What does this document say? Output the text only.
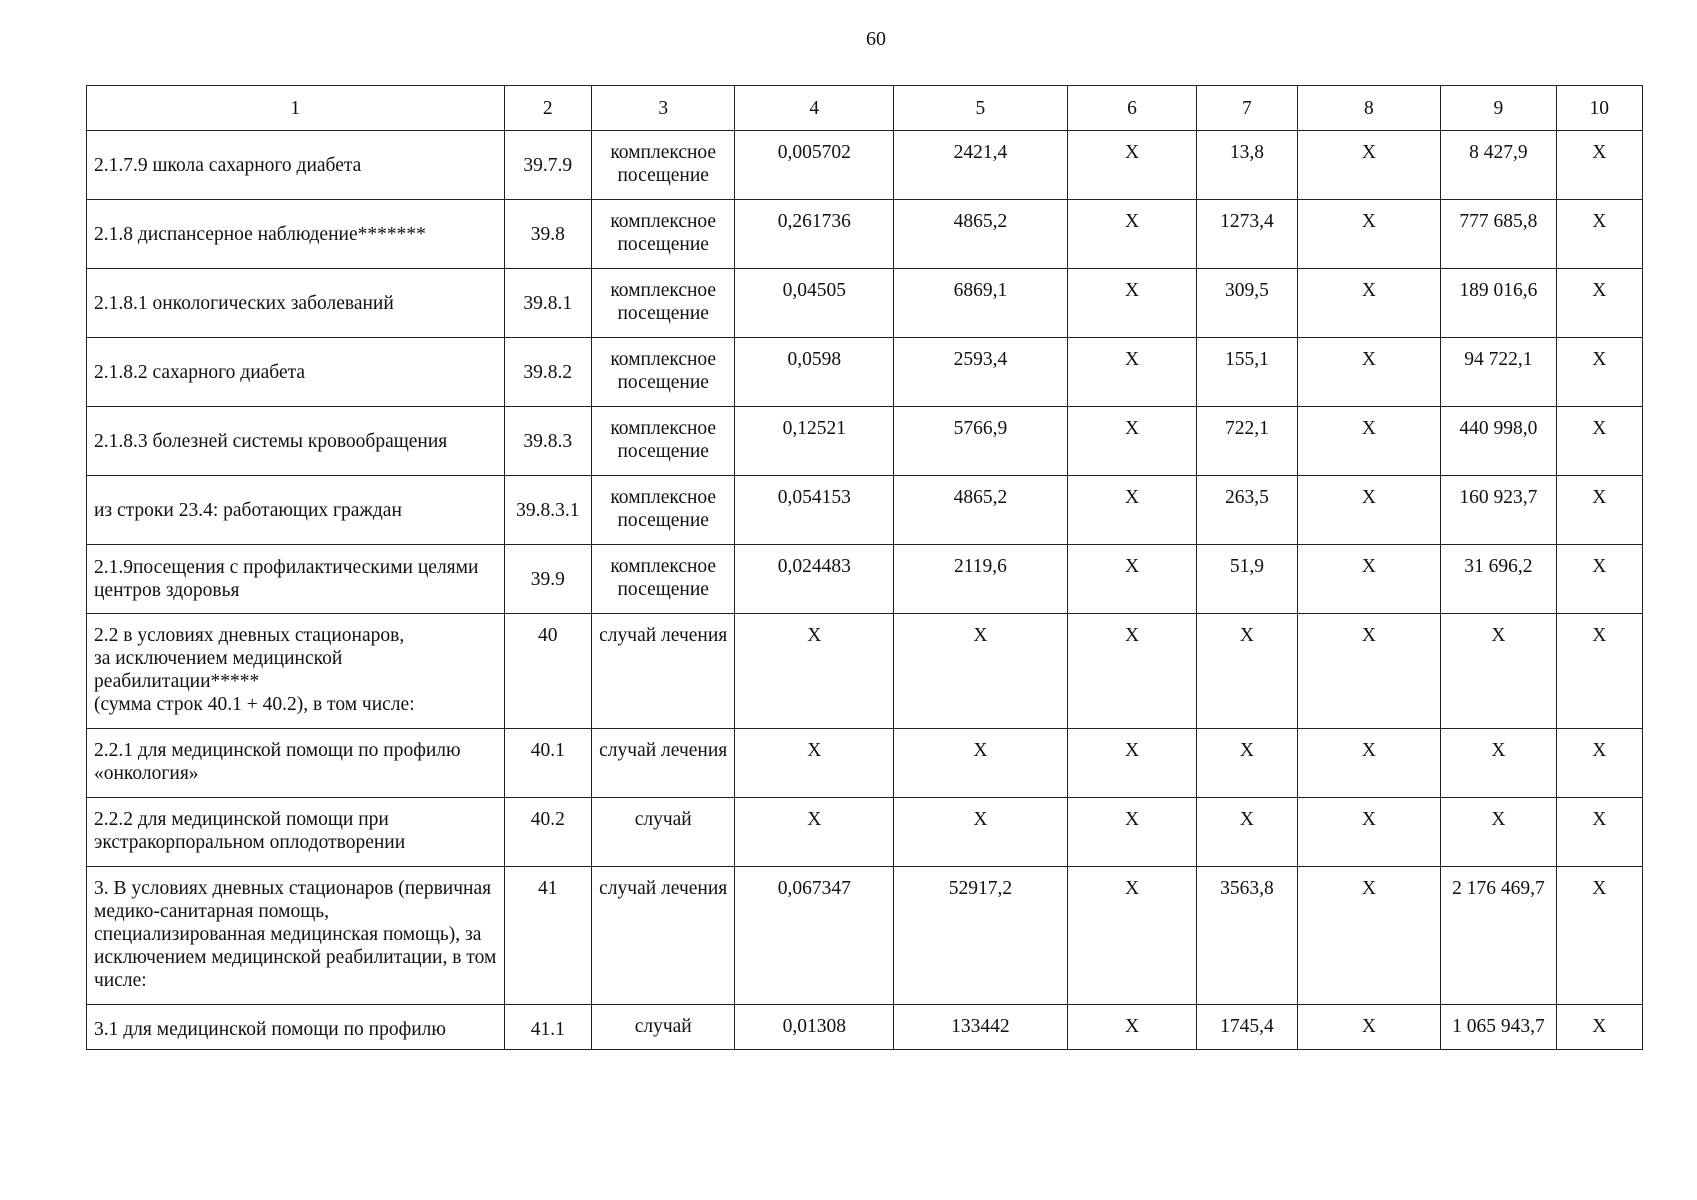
60
1	2	3	4	5	6	7	8	9	10

2.1.7.9 школа сахарного диабета	39.7.9	комплексное посещение	0,005702	2421,4	X	13,8	X	8 427,9	X

2.1.8 диспансерное наблюдение*******	39.8	комплексное посещение	0,261736	4865,2	X	1273,4	X	777 685,8	X

2.1.8.1 онкологических заболеваний	39.8.1	комплексное посещение	0,04505	6869,1	X	309,5	X	189 016,6	X

2.1.8.2 сахарного диабета	39.8.2	комплексное посещение	0,0598	2593,4	X	155,1	X	94 722,1	X

2.1.8.3 болезней системы кровообращения	39.8.3	комплексное посещение	0,12521	5766,9	X	722,1	X	440 998,0	X

из строки 23.4: работающих граждан	39.8.3.1	комплексное посещение	0,054153	4865,2	X	263,5	X	160 923,7	X

2.1.9посещения с профилактическими целями центров здоровья	39.9	комплексное посещение	0,024483	2119,6	X	51,9	X	31 696,2	X

2.2 в условиях дневных стационаров,
за исключением медицинской реабилитации*****
(сумма строк 40.1 + 40.2), в том числе:	40	случай лечения	X	X	X	X	X	X	X

2.2.1 для медицинской помощи по профилю «онкология»	40.1	случай лечения	X	X	X	X	X	X	X

2.2.2 для медицинской помощи при экстракорпоральном оплодотворении	40.2	случай	X	X	X	X	X	X	X

3. В условиях дневных стационаров (первичная медико-санитарная помощь, специализированная медицинская помощь), за исключением медицинской реабилитации, в том числе:	41	случай лечения	0,067347	52917,2	X	3563,8	X	2 176 469,7	X

3.1 для медицинской помощи по профилю	41.1	случай	0,01308	133442	X	1745,4	X	1 065 943,7	X
